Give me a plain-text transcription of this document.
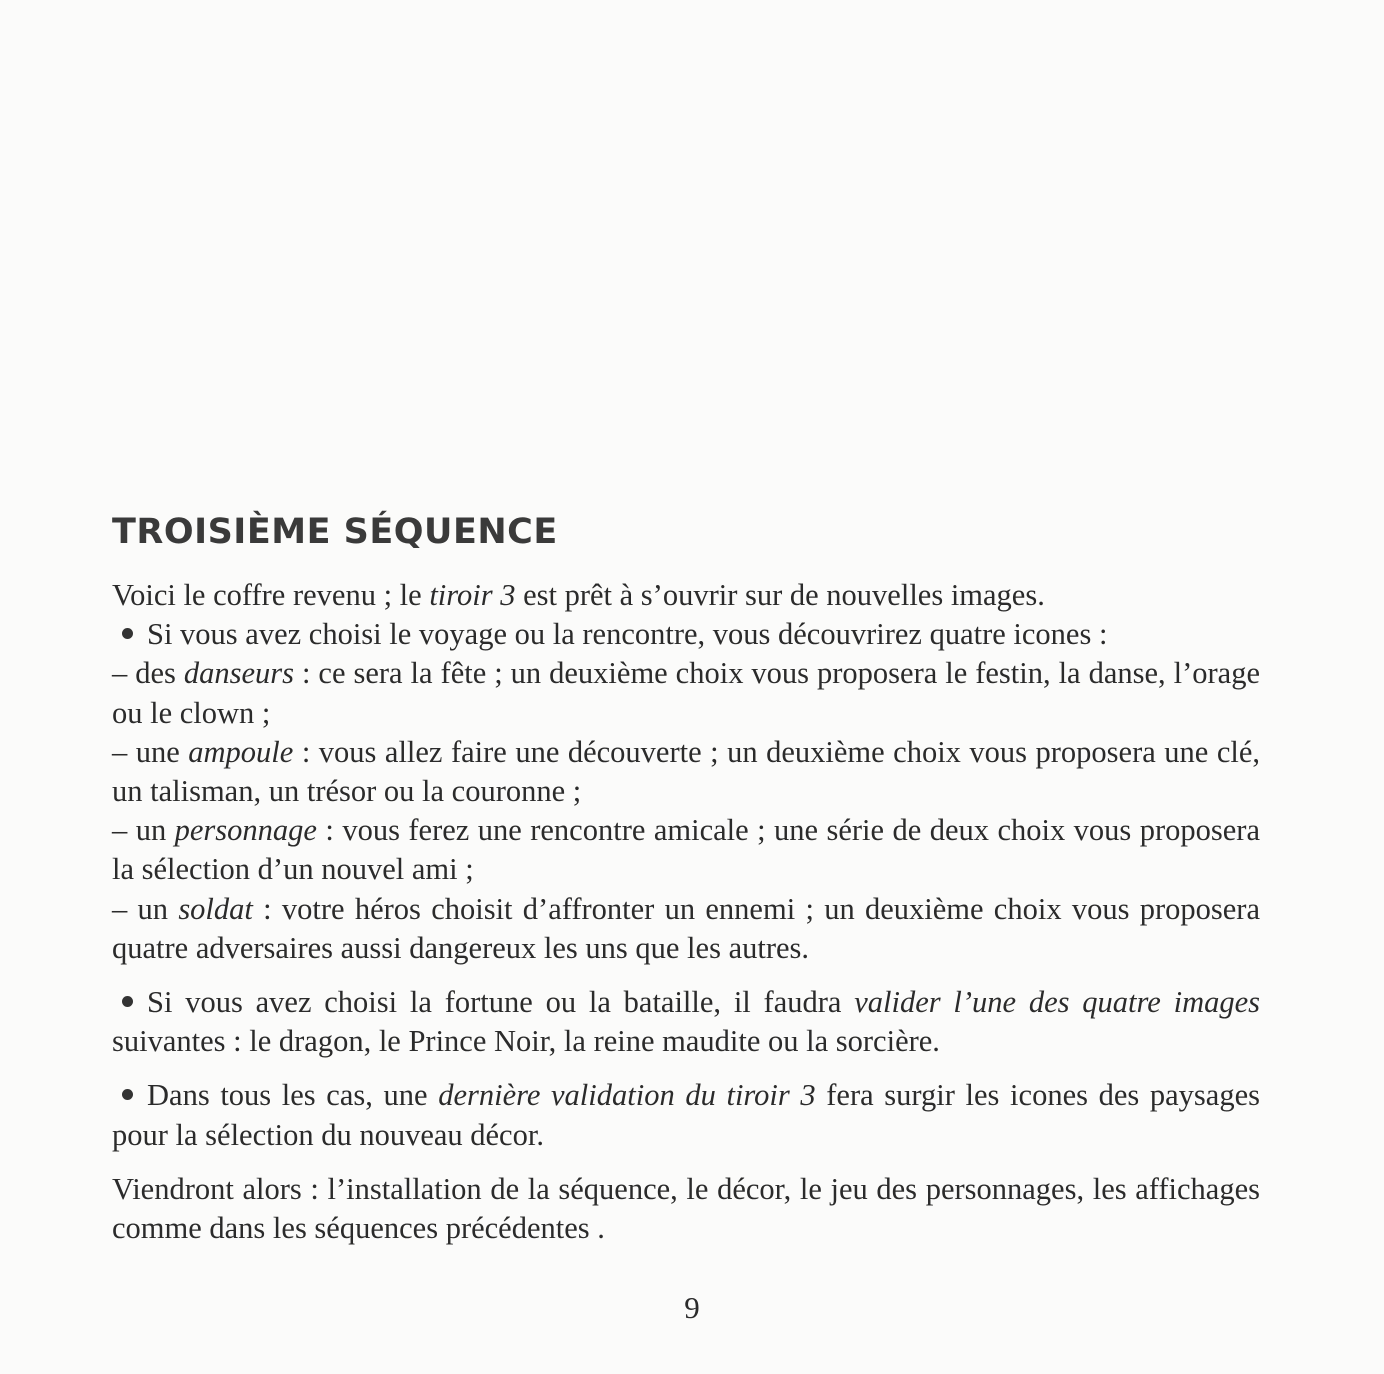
TROISIÈME SÉQUENCE

Voici le coffre revenu ; le tiroir 3 est prêt à s’ouvrir sur de nouvelles images.

Si vous avez choisi le voyage ou la rencontre, vous découvrirez quatre icones :

– des danseurs : ce sera la fête ; un deuxième choix vous proposera le festin, la danse, l’orage ou le clown ;

– une ampoule : vous allez faire une découverte ; un deuxième choix vous proposera une clé, un talisman, un trésor ou la couronne ;

– un personnage : vous ferez une rencontre amicale ; une série de deux choix vous proposera la sélection d’un nouvel ami ;

– un soldat : votre héros choisit d’affronter un ennemi ; un deuxième choix vous proposera quatre adversaires aussi dangereux les uns que les autres.

Si vous avez choisi la fortune ou la bataille, il faudra valider l’une des quatre images suivantes : le dragon, le Prince Noir, la reine maudite ou la sorcière.

Dans tous les cas, une dernière validation du tiroir 3 fera surgir les icones des paysages pour la sélection du nouveau décor.

Viendront alors : l’installation de la séquence, le décor, le jeu des personnages, les affichages comme dans les séquences précédentes .

9
